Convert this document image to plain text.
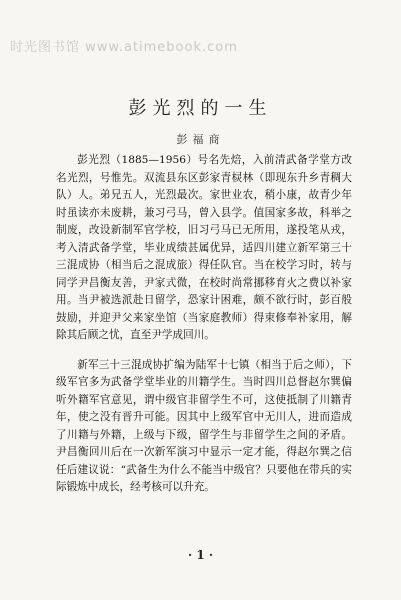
时光图书馆 www.atimebook.com
彭光烈的一生
彭福商

彭光烈（1885—1956）号名先焙，入前清武备学堂方改名光烈，号惟先。双流县东区彭家青棂林（即现东升乡青稠大队）人。弟兄五人，光烈最次。家世业农，稍小康，故青少年时虽读亦未废耕，兼习弓马，曾入县学。值国家多故，科举之制废，改设新制军官学校，旧习弓马已无所用，遂投笔从戎，考入清武备学堂，毕业成绩甚属优异，适四川建立新军第三十三混成协（相当后之混成旅）得任队官。当在校学习时，转与同学尹昌衡友善，尹家式微，在校时尚常挪移育火之费以补家用。当尹被选派赴日留学，恐家计困难，颇不欲行时，彭百般鼓励，并迎尹父来家坐馆（当家庭教师）得束修奉补家用，解除其后顾之忧，直至尹学成回川。

新军三十三混成协扩编为陆军十七镇（相当于后之师），下级军官多为武备学堂毕业的川籍学生。当时四川总督赵尔巽偏听外籍军官意见，谓中级官非留学生不可，这使抵制了川籍青年，使之没有晋升可能。因其中上级军官中无川人，进而造成了川籍与外籍，上级与下级，留学生与非留学生之间的矛盾。尹昌衡回川后在一次新军演习中显示一定才能，得赵尔巽之信任后建议说：“武备生为什么不能当中级官？只要他在带兵的实际锻炼中成长，经考核可以升充。

· 1 ·
